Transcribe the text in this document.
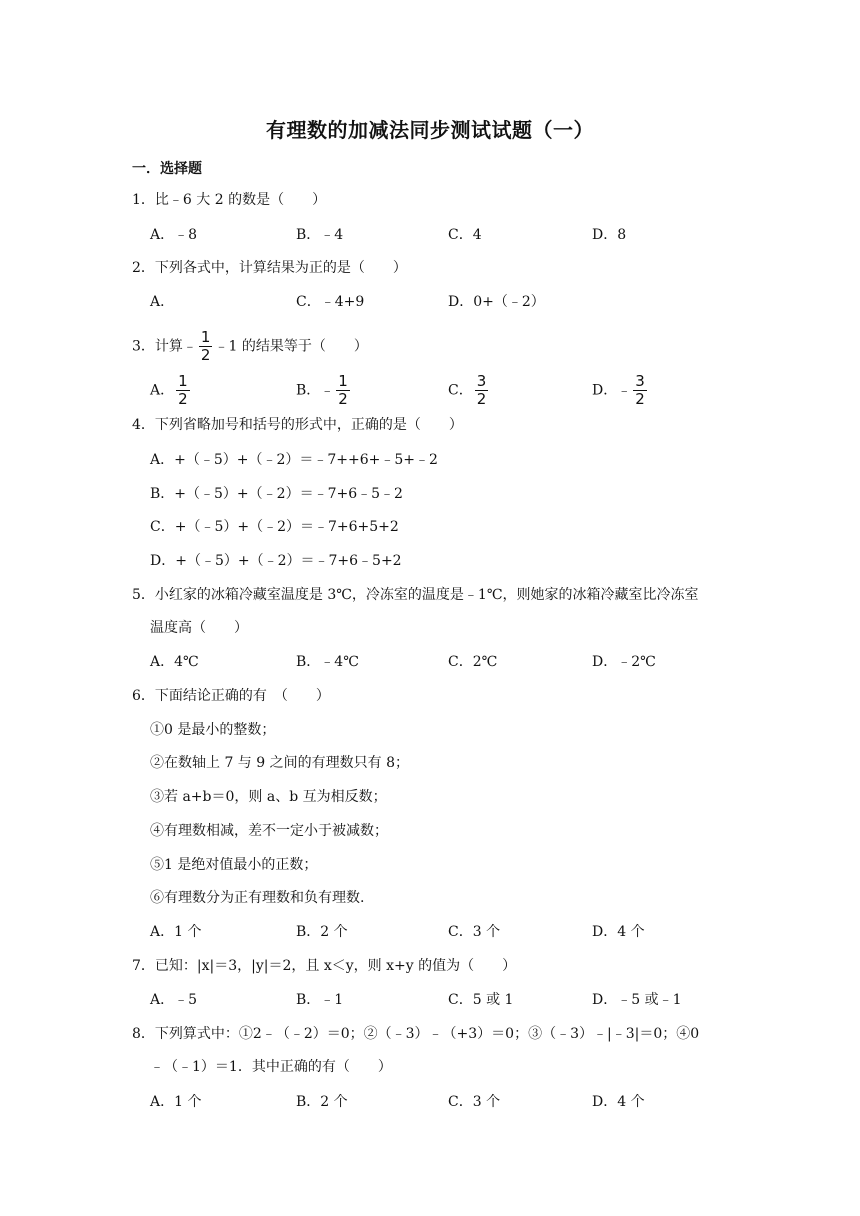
有理数的加减法同步测试试题（一）
一．选择题
1．比﹣6 大 2 的数是（　　）
A．﹣8	B．﹣4	C．4	D．8
2．下列各式中，计算结果为正的是（　　）
A．	C．﹣4+9	D．0+（﹣2）
3．计算﹣ $\frac{1}{2}$ ﹣1 的结果等于（　　）
A． $\frac{1}{2}$	B．﹣ $\frac{1}{2}$	C． $\frac{3}{2}$	D．﹣ $\frac{3}{2}$
4．下列省略加号和括号的形式中，正确的是（　　）
A．+（﹣5）+（﹣2）＝﹣7++6+﹣5+﹣2
B．+（﹣5）+（﹣2）＝﹣7+6﹣5﹣2
C．+（﹣5）+（﹣2）＝﹣7+6+5+2
D．+（﹣5）+（﹣2）＝﹣7+6﹣5+2
5．小红家的冰箱冷藏室温度是 3℃，冷冻室的温度是﹣1℃，则她家的冰箱冷藏室比冷冻室
温度高（　　）
A．4℃	B．﹣4℃	C．2℃	D．﹣2℃
6．下面结论正确的有　（　　）
①0 是最小的整数；
②在数轴上 7 与 9 之间的有理数只有 8；
③若 a+b＝0，则 a、b 互为相反数；
④有理数相减，差不一定小于被减数；
⑤1 是绝对值最小的正数；
⑥有理数分为正有理数和负有理数.
A．1 个	B．2 个	C．3 个	D．4 个
7．已知：|x|＝3，|y|＝2，且 x＜y，则 x+y 的值为（　　）
A．﹣5	B．﹣1	C．5 或 1	D．﹣5 或﹣1
8．下列算式中：①2﹣（﹣2）＝0；②（﹣3）﹣（+3）＝0；③（﹣3）﹣|﹣3|＝0；④0
﹣（﹣1）＝1．其中正确的有（　　）
A．1 个	B．2 个	C．3 个	D．4 个
